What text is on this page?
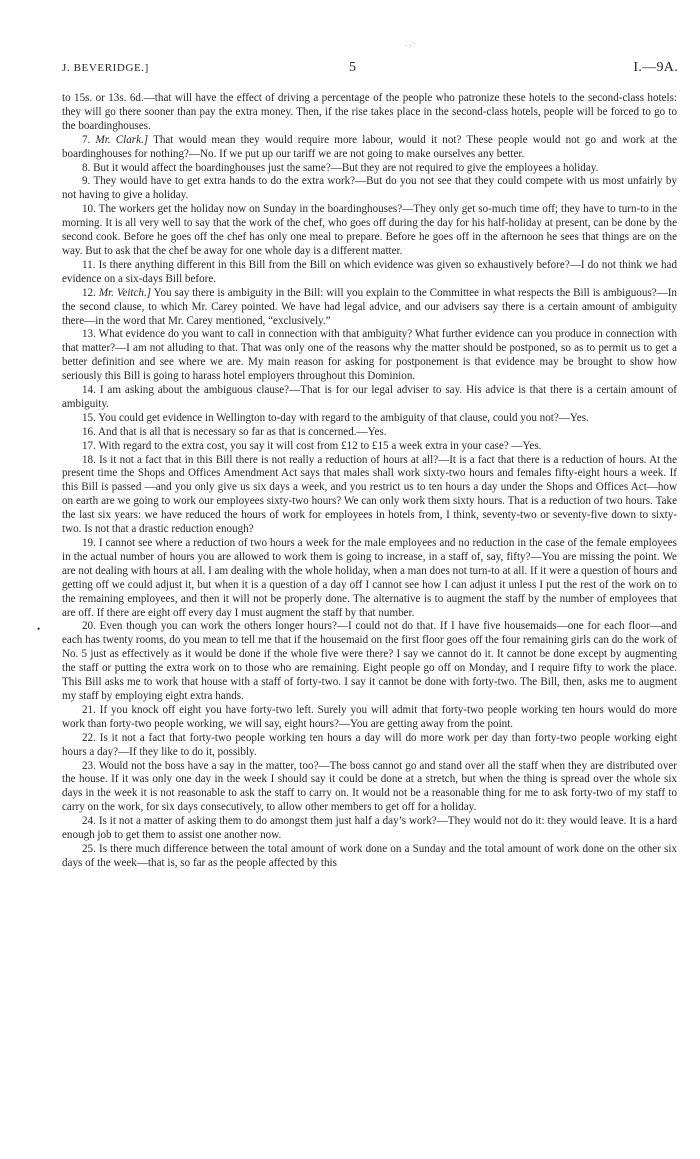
⋅ ⋅ ˙
J. BEVERIDGE.]	5	I.—9A.
•

to 15s. or 13s. 6d.—that will have the effect of driving a percentage of the people who patronize these hotels to the second-class hotels: they will go there sooner than pay the extra money. Then, if the rise takes place in the second-class hotels, people will be forced to go to the boardinghouses.

7. Mr. Clark.] That would mean they would require more labour, would it not? These people would not go and work at the boardinghouses for nothing?—No. If we put up our tariff we are not going to make ourselves any better.

8. But it would affect the boardinghouses just the same?—But they are not required to give the employees a holiday.

9. They would have to get extra hands to do the extra work?—But do you not see that they could compete with us most unfairly by not having to give a holiday.

10. The workers get the holiday now on Sunday in the boardinghouses?—They only get so-much time off; they have to turn-to in the morning. It is all very well to say that the work of the chef, who goes off during the day for his half-holiday at present, can be done by the second cook. Before he goes off the chef has only one meal to prepare. Before he goes off in the afternoon he sees that things are on the way. But to ask that the chef be away for one whole day is a different matter.

11. Is there anything different in this Bill from the Bill on which evidence was given so exhaustively before?—I do not think we had evidence on a six-days Bill before.

12. Mr. Veitch.] You say there is ambiguity in the Bill: will you explain to the Committee in what respects the Bill is ambiguous?—In the second clause, to which Mr. Carey pointed. We have had legal advice, and our advisers say there is a certain amount of ambiguity there—in the word that Mr. Carey mentioned, “exclusively.”

13. What evidence do you want to call in connection with that ambiguity? What further evidence can you produce in connection with that matter?—I am not alluding to that. That was only one of the reasons why the matter should be postponed, so as to permit us to get a better definition and see where we are. My main reason for asking for postponement is that evidence may be brought to show how seriously this Bill is going to harass hotel employers throughout this Dominion.

14. I am asking about the ambiguous clause?—That is for our legal adviser to say. His advice is that there is a certain amount of ambiguity.

15. You could get evidence in Wellington to-day with regard to the ambiguity of that clause, could you not?—Yes.

16. And that is all that is necessary so far as that is concerned.—Yes.

17. With regard to the extra cost, you say it will cost from £12 to £15 a week extra in your case? —Yes.

18. Is it not a fact that in this Bill there is not really a reduction of hours at all?—It is a fact that there is a reduction of hours. At the present time the Shops and Offices Amendment Act says that males shall work sixty-two hours and females fifty-eight hours a week. If this Bill is passed —and you only give us six days a week, and you restrict us to ten hours a day under the Shops and Offices Act—how on earth are we going to work our employees sixty-two hours? We can only work them sixty hours. That is a reduction of two hours. Take the last six years: we have reduced the hours of work for employees in hotels from, I think, seventy-two or seventy-five down to sixty-two. Is not that a drastic reduction enough?

19. I cannot see where a reduction of two hours a week for the male employees and no reduction in the case of the female employees in the actual number of hours you are allowed to work them is going to increase, in a staff of, say, fifty?—You are missing the point. We are not dealing with hours at all. I am dealing with the whole holiday, when a man does not turn-to at all. If it were a question of hours and getting off we could adjust it, but when it is a question of a day off I cannot see how I can adjust it unless I put the rest of the work on to the remaining employees, and then it will not be properly done. The alternative is to augment the staff by the number of employees that are off. If there are eight off every day I must augment the staff by that number.

20. Even though you can work the others longer hours?—I could not do that. If I have five housemaids—one for each floor—and each has twenty rooms, do you mean to tell me that if the housemaid on the first floor goes off the four remaining girls can do the work of No. 5 just as effectively as it would be done if the whole five were there? I say we cannot do it. It cannot be done except by augmenting the staff or putting the extra work on to those who are remaining. Eight people go off on Monday, and I require fifty to work the place. This Bill asks me to work that house with a staff of forty-two. I say it cannot be done with forty-two. The Bill, then, asks me to augment my staff by employing eight extra hands.

21. If you knock off eight you have forty-two left. Surely you will admit that forty-two people working ten hours would do more work than forty-two people working, we will say, eight hours?—You are getting away from the point.

22. Is it not a fact that forty-two people working ten hours a day will do more work per day than forty-two people working eight hours a day?—If they like to do it, possibly.

23. Would not the boss have a say in the matter, too?—The boss cannot go and stand over all the staff when they are distributed over the house. If it was only one day in the week I should say it could be done at a stretch, but when the thing is spread over the whole six days in the week it is not reasonable to ask the staff to carry on. It would not be a reasonable thing for me to ask forty-two of my staff to carry on the work, for six days consecutively, to allow other members to get off for a holiday.

24. Is it not a matter of asking them to do amongst them just half a day’s work?—They would not do it: they would leave. It is a hard enough job to get them to assist one another now.

25. Is there much difference between the total amount of work done on a Sunday and the total amount of work done on the other six days of the week—that is, so far as the people affected by this
